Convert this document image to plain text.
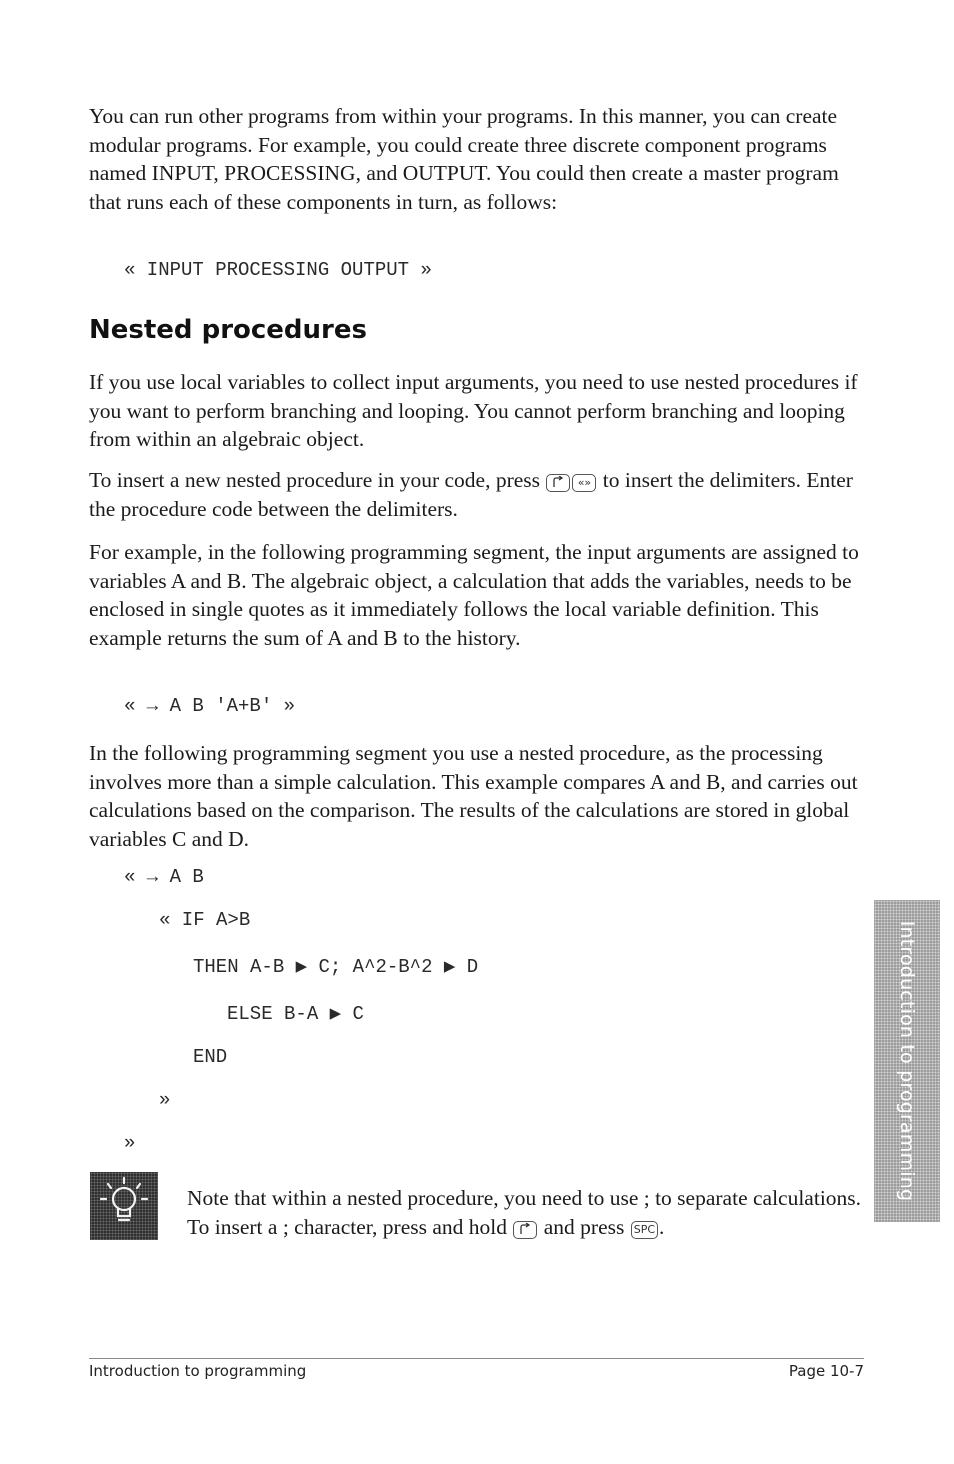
You can run other programs from within your programs. In this manner, you can create modular programs. For example, you could create three discrete component programs named INPUT, PROCESSING, and OUTPUT. You could then create a master program that runs each of these components in turn, as follows:

« INPUT PROCESSING OUTPUT »
Nested procedures

If you use local variables to collect input arguments, you need to use nested procedures if you want to perform branching and looping. You cannot perform branching and looping from within an algebraic object.

To insert a new nested procedure in your code, press	«» to insert the delimiters. Enter the procedure code between the delimiters.

For example, in the following programming segment, the input arguments are assigned to variables A and B. The algebraic object, a calculation that adds the variables, needs to be enclosed in single quotes as it immediately follows the local variable definition. This example returns the sum of A and B to the history.

« → A B 'A+B' »

In the following programming segment you use a nested procedure, as the processing involves more than a simple calculation. This example compares A and B, and carries out calculations based on the comparison. The results of the calculations are stored in global variables C and D.

« → A B
« IF A>B
THEN A-B ▶ C; A^2-B^2 ▶ D
ELSE B-A ▶ C
END
»
»

Note that within a nested procedure, you need to use ; to separate calculations. To insert a ; character, press and hold and press SPC .

Introduction to programming
Introduction to programming	Page 10-7
